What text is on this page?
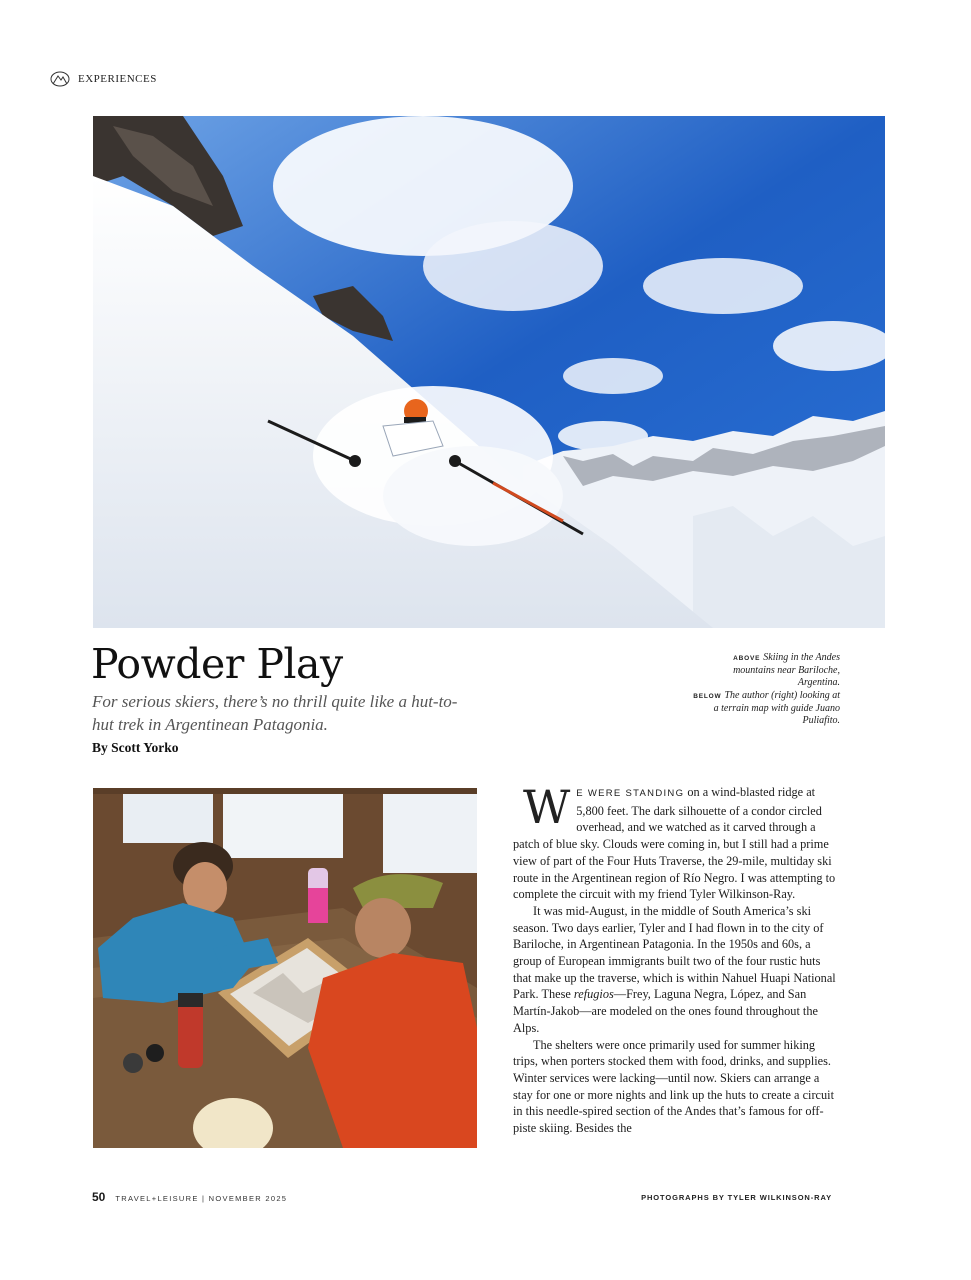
EXPERIENCES
Powder Play

For serious skiers, there’s no thrill quite like a hut-to-hut trek in Argentinean Patagonia.

By Scott Yorko
ABOVE Skiing in the Andes mountains near Bariloche, Argentina.
BELOW The author (right) looking at a terrain map with guide Juano Puliafito.

WE WERE STANDING on a wind-blasted ridge at 5,800 feet. The dark silhouette of a condor circled overhead, and we watched as it carved through a patch of blue sky. Clouds were coming in, but I still had a prime view of part of the Four Huts Traverse, the 29-mile, multiday ski route in the Argentinean region of Río Negro. I was attempting to complete the circuit with my friend Tyler Wilkinson-Ray.

It was mid-August, in the middle of South America’s ski season. Two days earlier, Tyler and I had flown in to the city of Bariloche, in Argentinean Patagonia. In the 1950s and 60s, a group of European immigrants built two of the four rustic huts that make up the traverse, which is within Nahuel Huapi National Park. These refugios—Frey, Laguna Negra, López, and San Martín-Jakob—are modeled on the ones found throughout the Alps.

The shelters were once primarily used for summer hiking trips, when porters stocked them with food, drinks, and supplies. Winter services were lacking—until now. Skiers can arrange a stay for one or more nights and link up the huts to create a circuit in this needle-spired section of the Andes that’s famous for off-piste skiing. Besides the

50 TRAVEL+LEISURE | NOVEMBER 2025	PHOTOGRAPHS BY TYLER WILKINSON-RAY
